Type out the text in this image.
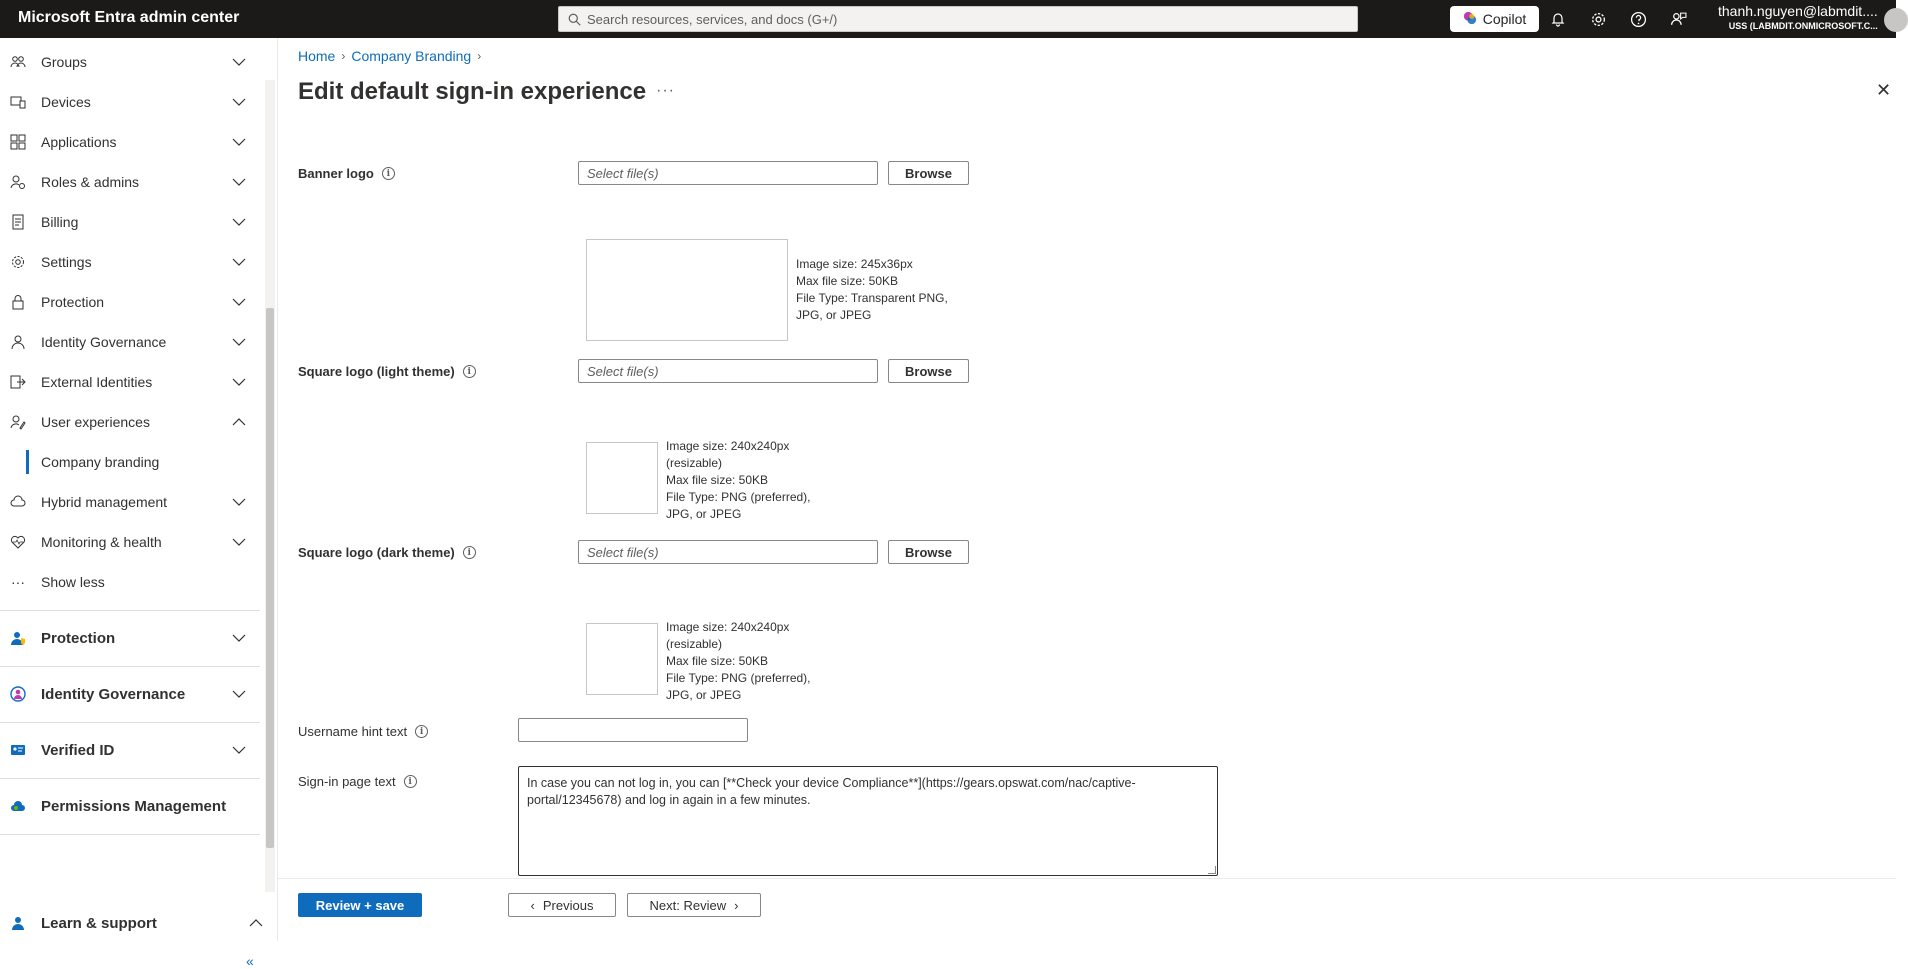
Microsoft Entra admin center	Search resources, services, and docs (G+/)	Copilot	thanh.nguyen@labmdit....
USS (LABMDIT.ONMICROSOFT.C...
Groups
Devices
Applications
Roles & admins
Billing
Settings
Protection
Identity Governance
External Identities
User experiences
Company branding
Hybrid management
Monitoring & health
··· Show less
Protection
Identity Governance
Verified ID
Permissions Management
Learn & support
«
Home › Company Branding ›
Edit default sign-in experience ···	✕
Banner logo	i	Select file(s)	Browse
Image size: 245x36px
Max file size: 50KB
File Type: Transparent PNG,
JPG, or JPEG
Square logo (light theme)	i	Select file(s)	Browse
Image size: 240x240px
(resizable)
Max file size: 50KB
File Type: PNG (preferred),
JPG, or JPEG
Square logo (dark theme)	i	Select file(s)	Browse
Image size: 240x240px
(resizable)
Max file size: 50KB
File Type: PNG (preferred),
JPG, or JPEG
Username hint text	i
Sign-in page text	i	In case you can not log in, you can [**Check your device Compliance**](https://gears.opswat.com/nac/captive-portal/12345678) and log in again in a few minutes.
Review + save	‹ Previous	Next: Review ›
